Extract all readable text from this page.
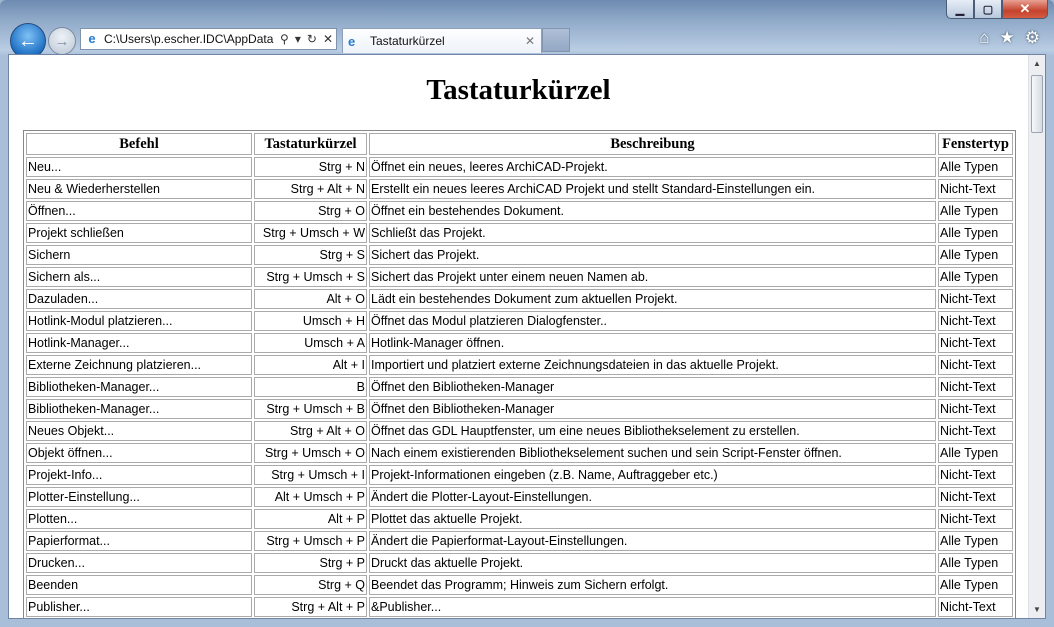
▁	▢	✕
← →	e C:\Users\p.escher.IDC\AppData ⚲ ▾ ↻ ✕ e	Tastaturkürzel	✕	⌂ ★ ⚙
Tastaturkürzel
Befehl	Tastaturkürzel	Beschreibung	Fenstertyp
Neu...	Strg + N	Öffnet ein neues, leeres ArchiCAD-Projekt.	Alle Typen
Neu & Wiederherstellen	Strg + Alt + N	Erstellt ein neues leeres ArchiCAD Projekt und stellt Standard-Einstellungen ein.	Nicht-Text
Öffnen...	Strg + O	Öffnet ein bestehendes Dokument.	Alle Typen
Projekt schließen	Strg + Umsch + W	Schließt das Projekt.	Alle Typen
Sichern	Strg + S	Sichert das Projekt.	Alle Typen
Sichern als...	Strg + Umsch + S	Sichert das Projekt unter einem neuen Namen ab.	Alle Typen
Dazuladen...	Alt + O	Lädt ein bestehendes Dokument zum aktuellen Projekt.	Nicht-Text
Hotlink-Modul platzieren...	Umsch + H	Öffnet das Modul platzieren Dialogfenster..	Nicht-Text
Hotlink-Manager...	Umsch + A	Hotlink-Manager öffnen.	Nicht-Text
Externe Zeichnung platzieren...	Alt + I	Importiert und platziert externe Zeichnungsdateien in das aktuelle Projekt.	Nicht-Text
Bibliotheken-Manager...	B	Öffnet den Bibliotheken-Manager	Nicht-Text
Bibliotheken-Manager...	Strg + Umsch + B	Öffnet den Bibliotheken-Manager	Nicht-Text
Neues Objekt...	Strg + Alt + O	Öffnet das GDL Hauptfenster, um eine neues Bibliothekselement zu erstellen.	Nicht-Text
Objekt öffnen...	Strg + Umsch + O	Nach einem existierenden Bibliothekselement suchen und sein Script-Fenster öffnen.	Alle Typen
Projekt-Info...	Strg + Umsch + I	Projekt-Informationen eingeben (z.B. Name, Auftraggeber etc.)	Nicht-Text
Plotter-Einstellung...	Alt + Umsch + P	Ändert die Plotter-Layout-Einstellungen.	Nicht-Text
Plotten...	Alt + P	Plottet das aktuelle Projekt.	Nicht-Text
Papierformat...	Strg + Umsch + P	Ändert die Papierformat-Layout-Einstellungen.	Alle Typen
Drucken...	Strg + P	Druckt das aktuelle Projekt.	Alle Typen
Beenden	Strg + Q	Beendet das Programm; Hinweis zum Sichern erfolgt.	Alle Typen
Publisher...	Strg + Alt + P	&Publisher...	Nicht-Text
▲
▼
